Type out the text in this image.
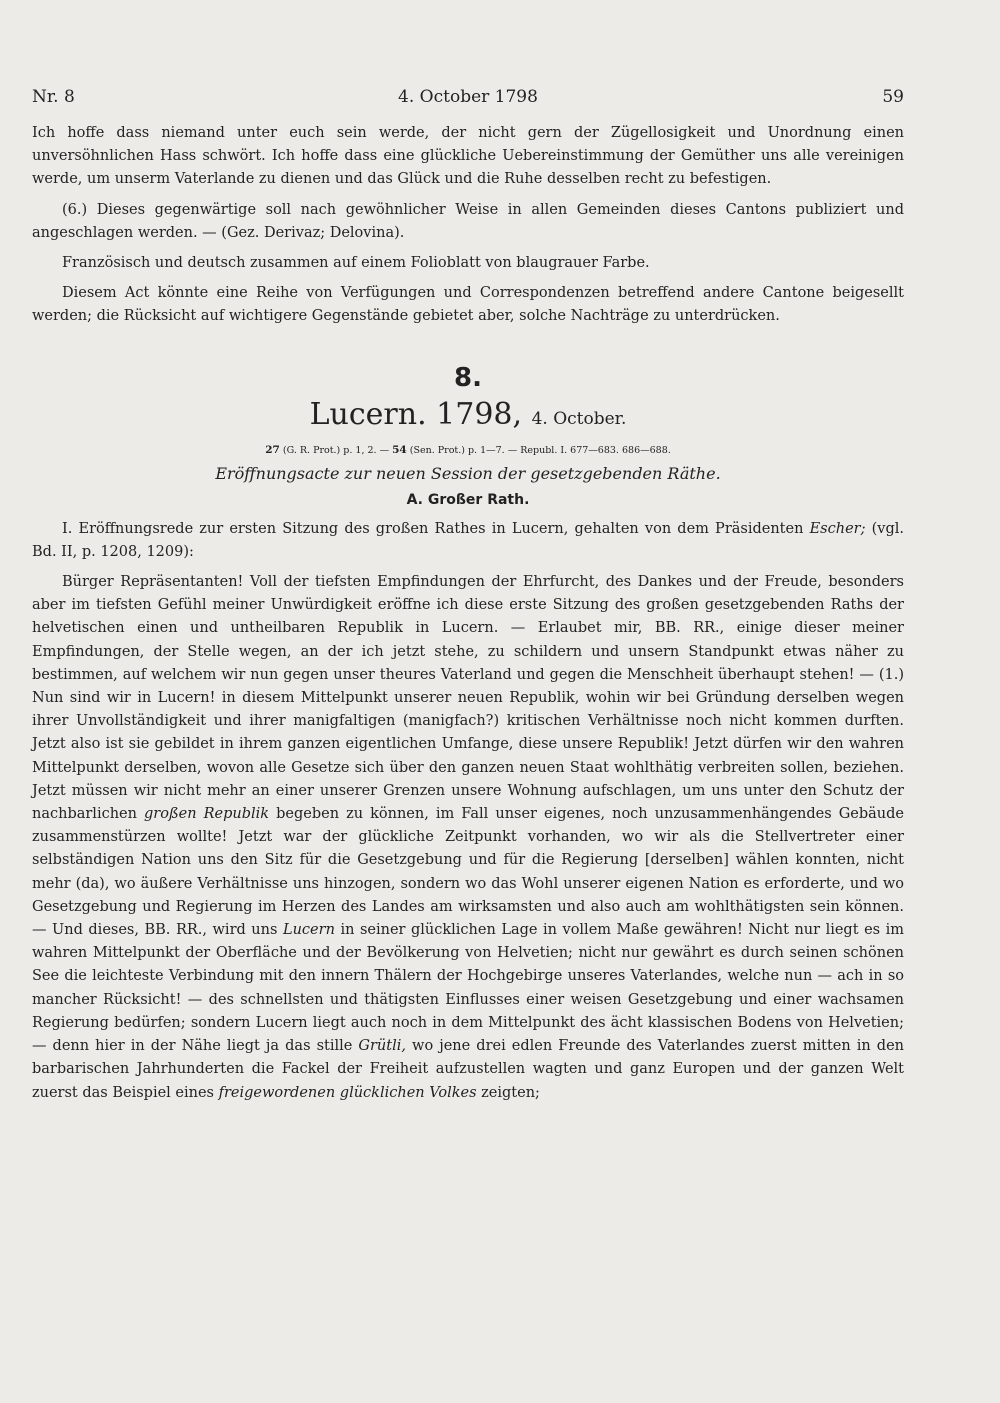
Nr. 8	4. October 1798	59

Ich hoffe dass niemand unter euch sein werde, der nicht gern der Zügellosigkeit und Unordnung einen unversöhnlichen Hass schwört. Ich hoffe dass eine glückliche Uebereinstimmung der Gemüther uns alle vereinigen werde, um unserm Vaterlande zu dienen und das Glück und die Ruhe desselben recht zu befestigen.

(6.) Dieses gegenwärtige soll nach gewöhnlicher Weise in allen Gemeinden dieses Cantons publiziert und angeschlagen werden. — (Gez. Derivaz; Delovina).

Französisch und deutsch zusammen auf einem Folioblatt von blaugrauer Farbe.

Diesem Act könnte eine Reihe von Verfügungen und Correspondenzen betreffend andere Cantone beigesellt werden; die Rücksicht auf wichtigere Gegenstände gebietet aber, solche Nachträge zu unterdrücken.

8.
Lucern. 1798, 4. October.
27 (G. R. Prot.) p. 1, 2. — 54 (Sen. Prot.) p. 1—7. — Republ. I. 677—683. 686—688.
Eröffnungsacte zur neuen Session der gesetzgebenden Räthe.
A. Großer Rath.

I. Eröffnungsrede zur ersten Sitzung des großen Rathes in Lucern, gehalten von dem Präsidenten Escher; (vgl. Bd. II, p. 1208, 1209):

Bürger Repräsentanten! Voll der tiefsten Empfindungen der Ehrfurcht, des Dankes und der Freude, besonders aber im tiefsten Gefühl meiner Unwürdigkeit eröffne ich diese erste Sitzung des großen gesetzgebenden Raths der helvetischen einen und untheilbaren Republik in Lucern. — Erlaubet mir, BB. RR., einige dieser meiner Empfindungen, der Stelle wegen, an der ich jetzt stehe, zu schildern und unsern Standpunkt etwas näher zu bestimmen, auf welchem wir nun gegen unser theures Vaterland und gegen die Menschheit überhaupt stehen! — (1.) Nun sind wir in Lucern! in diesem Mittelpunkt unserer neuen Republik, wohin wir bei Gründung derselben wegen ihrer Unvollständigkeit und ihrer manigfaltigen (manigfach?) kritischen Verhältnisse noch nicht kommen durften. Jetzt also ist sie gebildet in ihrem ganzen eigentlichen Umfange, diese unsere Republik! Jetzt dürfen wir den wahren Mittelpunkt derselben, wovon alle Gesetze sich über den ganzen neuen Staat wohlthätig verbreiten sollen, beziehen. Jetzt müssen wir nicht mehr an einer unserer Grenzen unsere Wohnung aufschlagen, um uns unter den Schutz der nachbarlichen großen Republik begeben zu können, im Fall unser eigenes, noch unzusammenhängendes Gebäude zusammenstürzen wollte! Jetzt war der glückliche Zeitpunkt vorhanden, wo wir als die Stellvertreter einer selbständigen Nation uns den Sitz für die Gesetzgebung und für die Regierung [derselben] wählen konnten, nicht mehr (da), wo äußere Verhältnisse uns hinzogen, sondern wo das Wohl unserer eigenen Nation es erforderte, und wo Gesetzgebung und Regierung im Herzen des Landes am wirksamsten und also auch am wohlthätigsten sein können. — Und dieses, BB. RR., wird uns Lucern in seiner glücklichen Lage in vollem Maße gewähren! Nicht nur liegt es im wahren Mittelpunkt der Oberfläche und der Bevölkerung von Helvetien; nicht nur gewährt es durch seinen schönen See die leichteste Verbindung mit den innern Thälern der Hochgebirge unseres Vaterlandes, welche nun — ach in so mancher Rücksicht! — des schnellsten und thätigsten Einflusses einer weisen Gesetzgebung und einer wachsamen Regierung bedürfen; sondern Lucern liegt auch noch in dem Mittelpunkt des ächt klassischen Bodens von Helvetien; — denn hier in der Nähe liegt ja das stille Grütli, wo jene drei edlen Freunde des Vaterlandes zuerst mitten in den barbarischen Jahrhunderten die Fackel der Freiheit aufzustellen wagten und ganz Europen und der ganzen Welt zuerst das Beispiel eines freigewordenen glücklichen Volkes zeigten;
